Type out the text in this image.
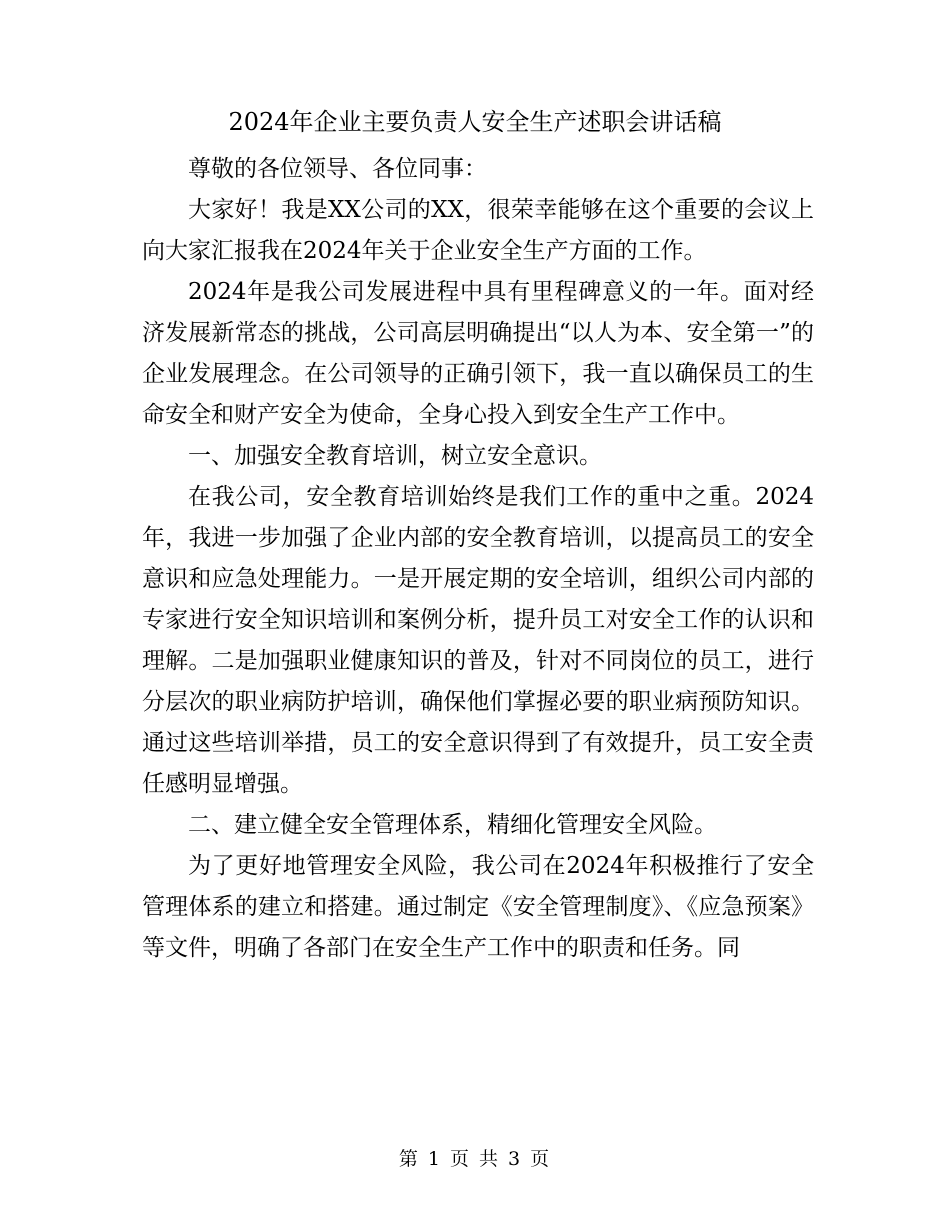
2024年企业主要负责人安全生产述职会讲话稿

尊敬的各位领导、各位同事：

大家好！我是XX公司的XX，很荣幸能够在这个重要的会议上向大家汇报我在2024年关于企业安全生产方面的工作。

2024年是我公司发展进程中具有里程碑意义的一年。面对经济发展新常态的挑战，公司高层明确提出“以人为本、安全第一”的企业发展理念。在公司领导的正确引领下，我一直以确保员工的生命安全和财产安全为使命，全身心投入到安全生产工作中。

一、加强安全教育培训，树立安全意识。

在我公司，安全教育培训始终是我们工作的重中之重。2024年，我进一步加强了企业内部的安全教育培训，以提高员工的安全意识和应急处理能力。一是开展定期的安全培训，组织公司内部的专家进行安全知识培训和案例分析，提升员工对安全工作的认识和理解。二是加强职业健康知识的普及，针对不同岗位的员工，进行分层次的职业病防护培训，确保他们掌握必要的职业病预防知识。通过这些培训举措，员工的安全意识得到了有效提升，员工安全责任感明显增强。

二、建立健全安全管理体系，精细化管理安全风险。

为了更好地管理安全风险，我公司在2024年积极推行了安全管理体系的建立和搭建。通过制定《安全管理制度》、《应急预案》等文件，明确了各部门在安全生产工作中的职责和任务。同

第 1 页 共 3 页
